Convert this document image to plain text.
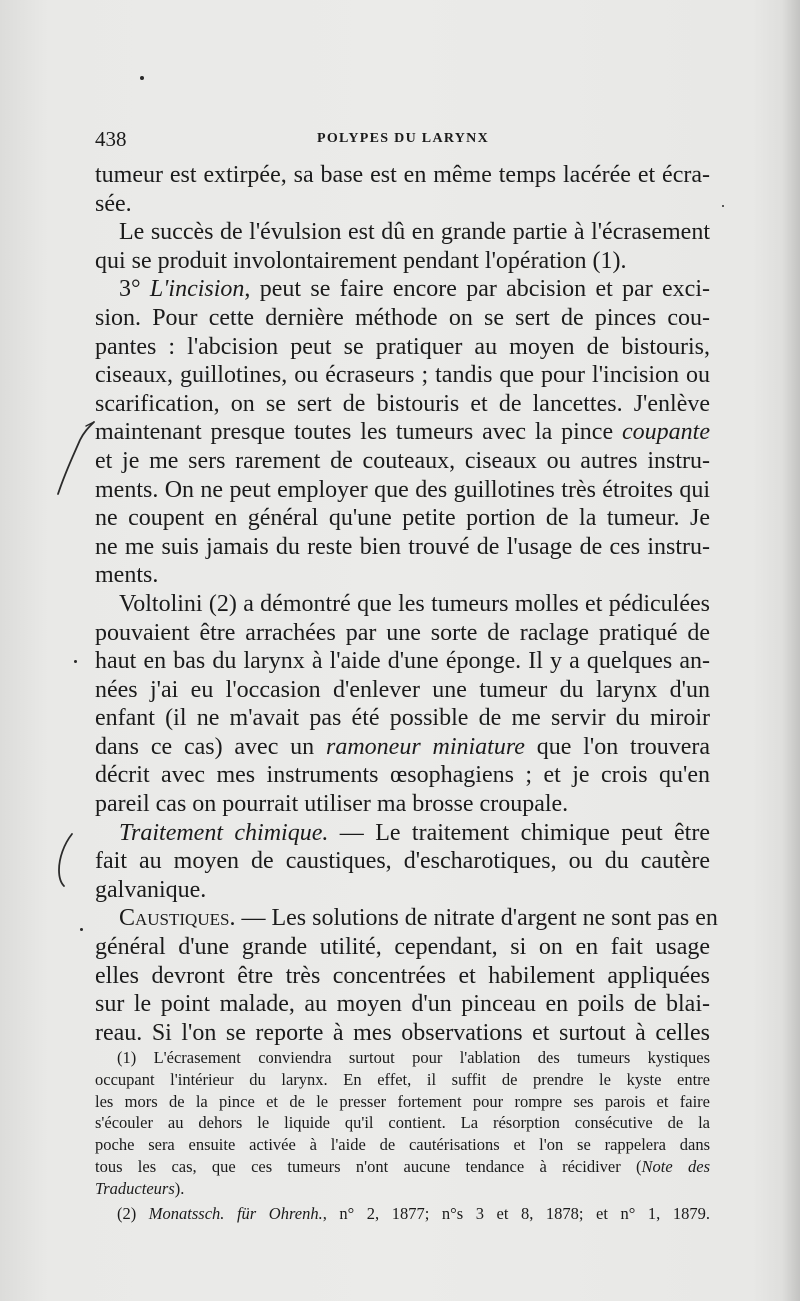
438	POLYPES DU LARYNX
tumeur est extirpée, sa base est en même temps lacérée et écra-
sée.
Le succès de l'évulsion est dû en grande partie à l'écrasement
qui se produit involontairement pendant l'opération (1).
3° L'incision, peut se faire encore par abcision et par exci-
sion. Pour cette dernière méthode on se sert de pinces cou-
pantes : l'abcision peut se pratiquer au moyen de bistouris,
ciseaux, guillotines, ou écraseurs ; tandis que pour l'incision ou
scarification, on se sert de bistouris et de lancettes. J'enlève
maintenant presque toutes les tumeurs avec la pince coupante
et je me sers rarement de couteaux, ciseaux ou autres instru-
ments. On ne peut employer que des guillotines très étroites qui
ne coupent en général qu'une petite portion de la tumeur. Je
ne me suis jamais du reste bien trouvé de l'usage de ces instru-
ments.
Voltolini (2) a démontré que les tumeurs molles et pédiculées
pouvaient être arrachées par une sorte de raclage pratiqué de
haut en bas du larynx à l'aide d'une éponge. Il y a quelques an-
nées j'ai eu l'occasion d'enlever une tumeur du larynx d'un
enfant (il ne m'avait pas été possible de me servir du miroir
dans ce cas) avec un ramoneur miniature que l'on trouvera
décrit avec mes instruments œsophagiens ; et je crois qu'en
pareil cas on pourrait utiliser ma brosse croupale.
Traitement chimique. — Le traitement chimique peut être
fait au moyen de caustiques, d'escharotiques, ou du cautère
galvanique.
Caustiques. — Les solutions de nitrate d'argent ne sont pas en
général d'une grande utilité, cependant, si on en fait usage
elles devront être très concentrées et habilement appliquées
sur le point malade, au moyen d'un pinceau en poils de blai-
reau. Si l'on se reporte à mes observations et surtout à celles
(1) L'écrasement conviendra surtout pour l'ablation des tumeurs kystiques
occupant l'intérieur du larynx. En effet, il suffit de prendre le kyste entre
les mors de la pince et de le presser fortement pour rompre ses parois et faire
s'écouler au dehors le liquide qu'il contient. La résorption consécutive de la
poche sera ensuite activée à l'aide de cautérisations et l'on se rappelera dans
tous les cas, que ces tumeurs n'ont aucune tendance à récidiver (Note des
Traducteurs).
(2) Monatssch. für Ohrenh., n° 2, 1877; n°s 3 et 8, 1878; et n° 1, 1879.
